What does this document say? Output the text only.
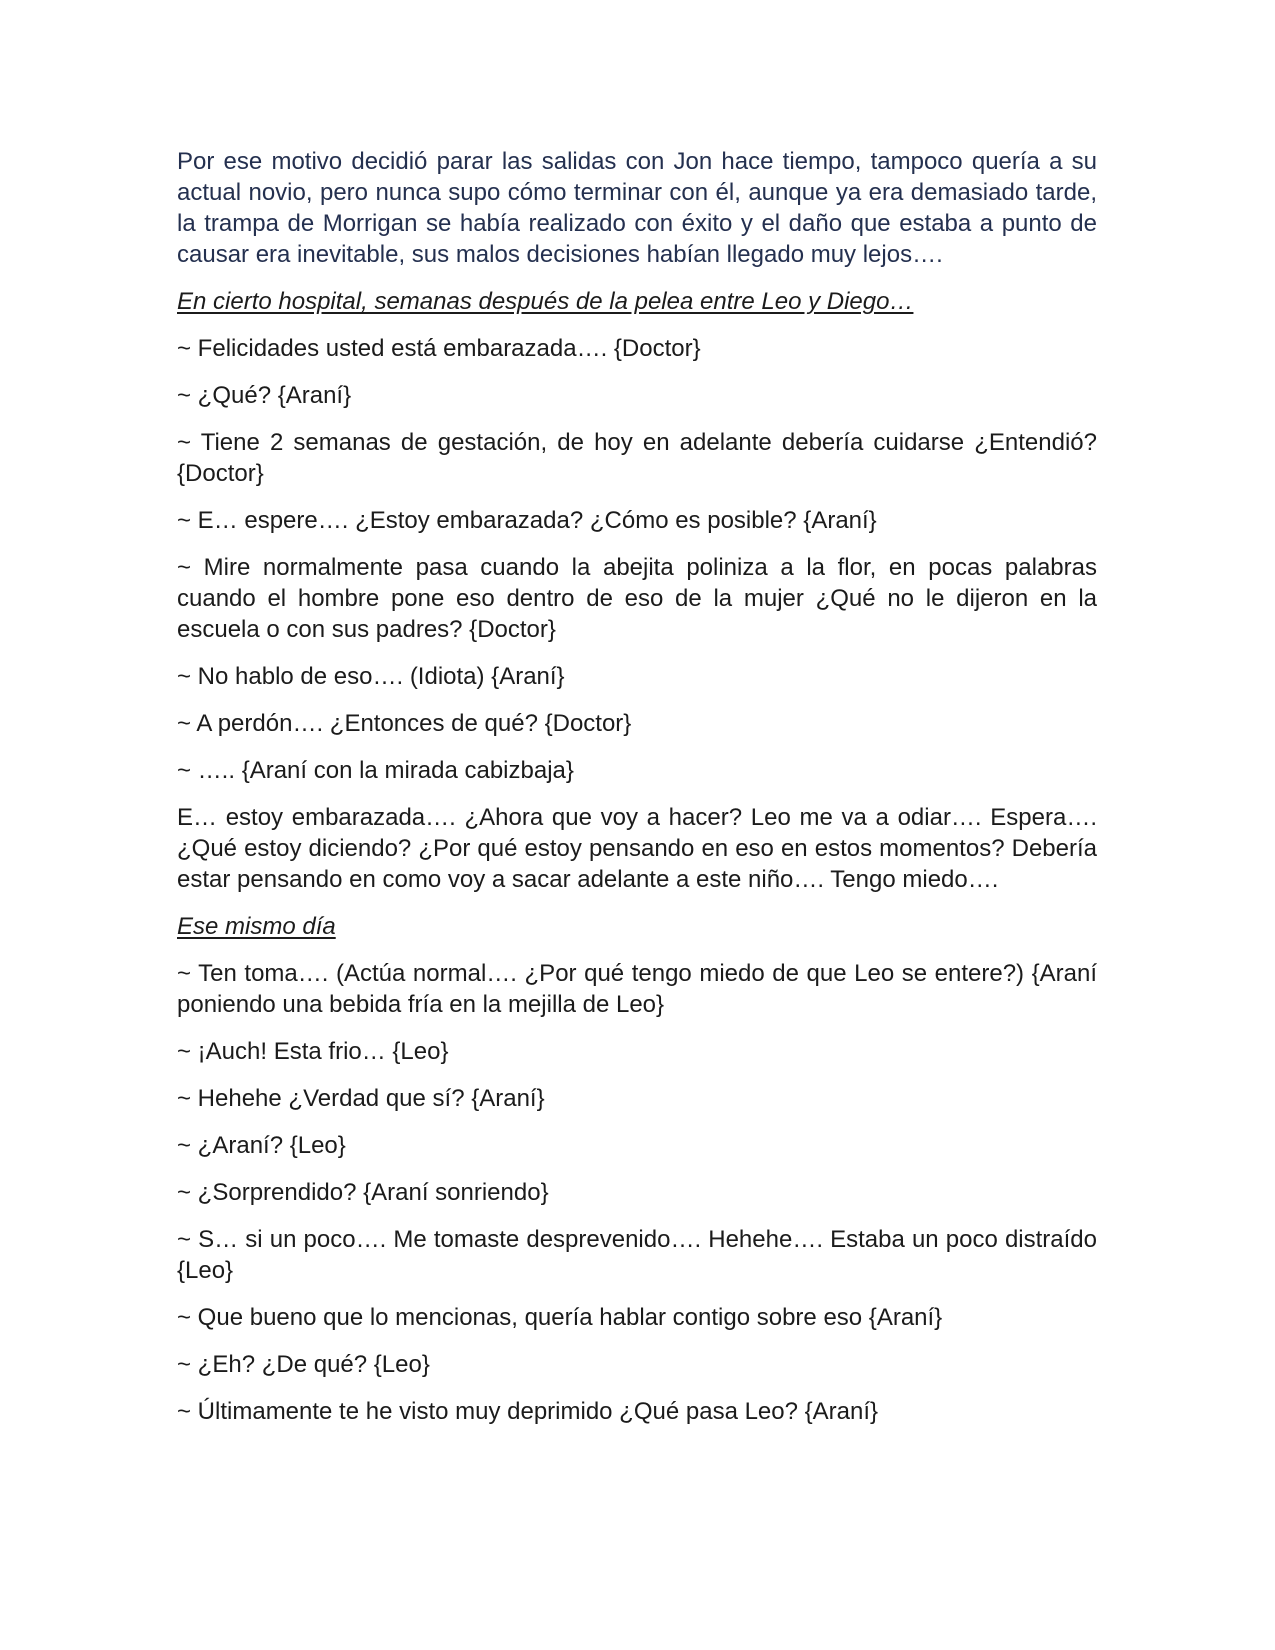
Por ese motivo decidió parar las salidas con Jon hace tiempo, tampoco quería a su actual novio, pero nunca supo cómo terminar con él, aunque ya era demasiado tarde, la trampa de Morrigan se había realizado con éxito y el daño que estaba a punto de causar era inevitable, sus malos decisiones habían llegado muy lejos….

En cierto hospital, semanas después de la pelea entre Leo y Diego…

~ Felicidades usted está embarazada…. {Doctor}

~ ¿Qué? {Araní}

~ Tiene 2 semanas de gestación, de hoy en adelante debería cuidarse ¿Entendió? {Doctor}

~ E… espere…. ¿Estoy embarazada? ¿Cómo es posible? {Araní}

~ Mire normalmente pasa cuando la abejita poliniza a la flor, en pocas palabras cuando el hombre pone eso dentro de eso de la mujer ¿Qué no le dijeron en la escuela o con sus padres? {Doctor}

~ No hablo de eso…. (Idiota) {Araní}

~ A perdón…. ¿Entonces de qué? {Doctor}

~ ….. {Araní con la mirada cabizbaja}

E… estoy embarazada…. ¿Ahora que voy a hacer? Leo me va a odiar…. Espera…. ¿Qué estoy diciendo? ¿Por qué estoy pensando en eso en estos momentos? Debería estar pensando en como voy a sacar adelante a este niño…. Tengo miedo….

Ese mismo día

~ Ten toma…. (Actúa normal…. ¿Por qué tengo miedo de que Leo se entere?) {Araní poniendo una bebida fría en la mejilla de Leo}

~ ¡Auch! Esta frio… {Leo}

~ Hehehe ¿Verdad que sí? {Araní}

~ ¿Araní? {Leo}

~ ¿Sorprendido? {Araní sonriendo}

~ S… si un poco…. Me tomaste desprevenido…. Hehehe…. Estaba un poco distraído {Leo}

~ Que bueno que lo mencionas, quería hablar contigo sobre eso {Araní}

~ ¿Eh? ¿De qué? {Leo}

~ Últimamente te he visto muy deprimido ¿Qué pasa Leo? {Araní}
